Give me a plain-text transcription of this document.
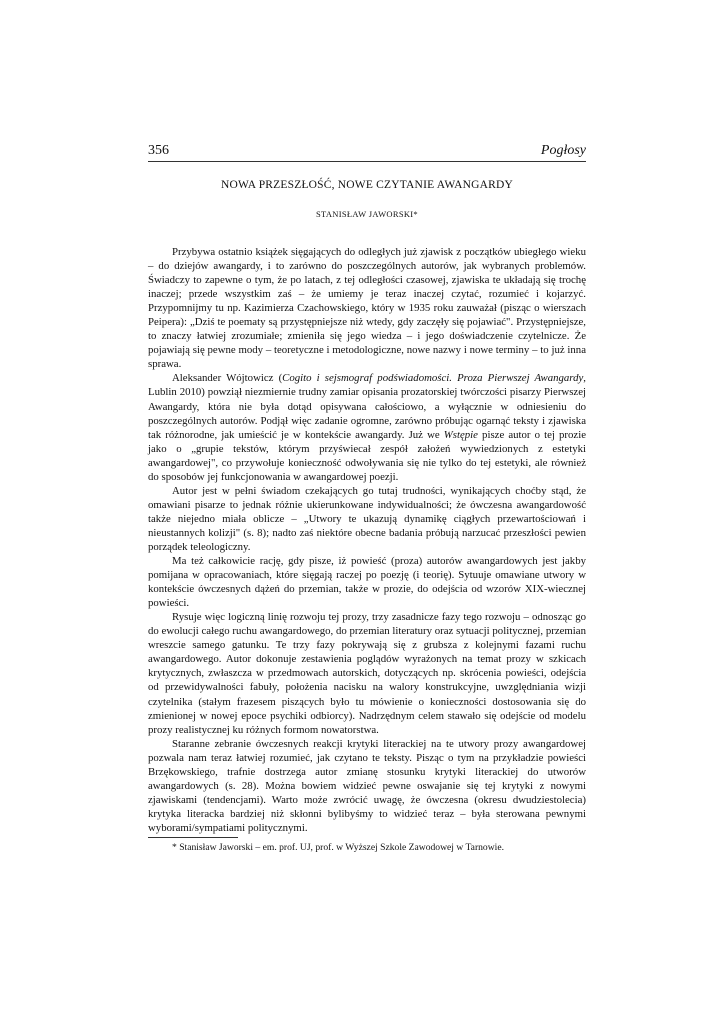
356	Pogłosy
NOWA PRZESZŁOŚĆ, NOWE CZYTANIE AWANGARDY
STANISŁAW JAWORSKI*

Przybywa ostatnio książek sięgających do odległych już zjawisk z początków ubiegłego wieku – do dziejów awangardy, i to zarówno do poszczególnych autorów, jak wybranych problemów. Świadczy to zapewne o tym, że po latach, z tej odległości czasowej, zjawiska te układają się trochę inaczej; przede wszystkim zaś – że umiemy je teraz inaczej czytać, rozumieć i kojarzyć. Przypomnijmy tu np. Kazimierza Czachowskiego, który w 1935 roku zauważał (pisząc o wierszach Peipera): „Dziś te poematy są przystępniejsze niż wtedy, gdy zaczęły się pojawiać". Przystępniejsze, to znaczy łatwiej zrozumiałe; zmieniła się jego wiedza – i jego doświadczenie czytelnicze. Że pojawiają się pewne mody – teoretyczne i metodologiczne, nowe nazwy i nowe terminy – to już inna sprawa.

Aleksander Wójtowicz (Cogito i sejsmograf podświadomości. Proza Pierwszej Awangardy, Lublin 2010) powziął niezmiernie trudny zamiar opisania prozatorskiej twórczości pisarzy Pierwszej Awangardy, która nie była dotąd opisywana całościowo, a wyłącznie w odniesieniu do poszczególnych autorów. Podjął więc zadanie ogromne, zarówno próbując ogarnąć teksty i zjawiska tak różnorodne, jak umieścić je w kontekście awangardy. Już we Wstępie pisze autor o tej prozie jako o „grupie tekstów, którym przyświecał zespół założeń wywiedzionych z estetyki awangardowej", co przywołuje konieczność odwoływania się nie tylko do tej estetyki, ale również do sposobów jej funkcjonowania w awangardowej poezji.

Autor jest w pełni świadom czekających go tutaj trudności, wynikających choćby stąd, że omawiani pisarze to jednak różnie ukierunkowane indywidualności; że ówczesna awangardowość także niejedno miała oblicze – „Utwory te ukazują dynamikę ciągłych przewartościowań i nieustannych kolizji" (s. 8); nadto zaś niektóre obecne badania próbują narzucać przeszłości pewien porządek teleologiczny.

Ma też całkowicie rację, gdy pisze, iż powieść (proza) autorów awangardowych jest jakby pomijana w opracowaniach, które sięgają raczej po poezję (i teorię). Sytuuje omawiane utwory w kontekście ówczesnych dążeń do przemian, także w prozie, do odejścia od wzorów XIX-wiecznej powieści.

Rysuje więc logiczną linię rozwoju tej prozy, trzy zasadnicze fazy tego rozwoju – odnosząc go do ewolucji całego ruchu awangardowego, do przemian literatury oraz sytuacji politycznej, przemian wreszcie samego gatunku. Te trzy fazy pokrywają się z grubsza z kolejnymi fazami ruchu awangardowego. Autor dokonuje zestawienia poglądów wyrażonych na temat prozy w szkicach krytycznych, zwłaszcza w przedmowach autorskich, dotyczących np. skrócenia powieści, odejścia od przewidywalności fabuły, położenia nacisku na walory konstrukcyjne, uwzględniania wizji czytelnika (stałym frazesem piszących było tu mówienie o konieczności dostosowania się do zmienionej w nowej epoce psychiki odbiorcy). Nadrzędnym celem stawało się odejście od modelu prozy realistycznej ku różnych formom nowatorstwa.

Staranne zebranie ówczesnych reakcji krytyki literackiej na te utwory prozy awangardowej pozwala nam teraz łatwiej rozumieć, jak czytano te teksty. Pisząc o tym na przykładzie powieści Brzękowskiego, trafnie dostrzega autor zmianę stosunku krytyki literackiej do utworów awangardowych (s. 28). Można bowiem widzieć pewne oswajanie się tej krytyki z nowymi zjawiskami (tendencjami). Warto może zwrócić uwagę, że ówczesna (okresu dwudziestolecia) krytyka literacka bardziej niż skłonni bylibyśmy to widzieć teraz – była sterowana pewnymi wyborami/sympatiami politycznymi.

* Stanisław Jaworski – em. prof. UJ, prof. w Wyższej Szkole Zawodowej w Tarnowie.
